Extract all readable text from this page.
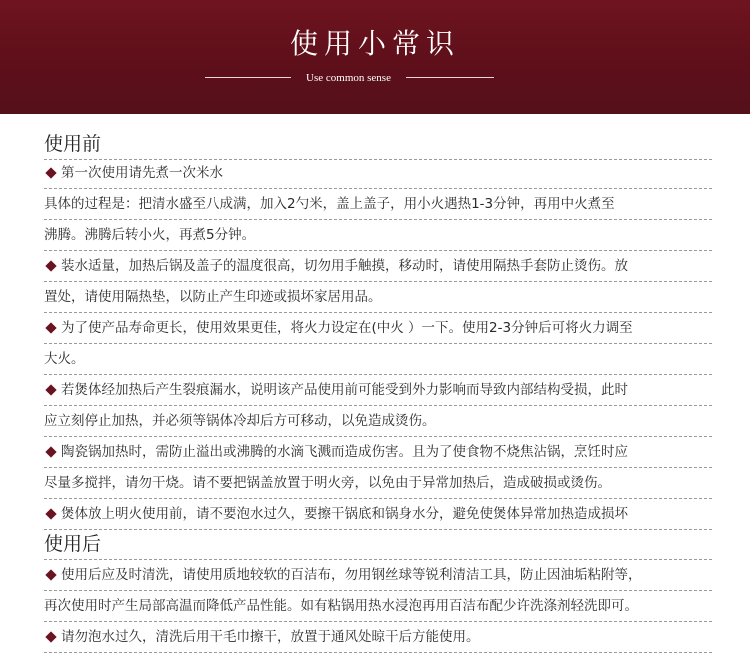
使用小常识
Use common sense
使用前
第一次使用请先煮一次米水
具体的过程是：把清水盛至八成满，加入2勺米，盖上盖子，用小火遇热1-3分钟，再用中火煮至
沸腾。沸腾后转小火，再煮5分钟。
装水适量，加热后锅及盖子的温度很高，切勿用手触摸，移动时，请使用隔热手套防止烫伤。放
置处，请使用隔热垫，以防止产生印迹或损坏家居用品。
为了使产品寿命更长，使用效果更佳，将火力设定在(中火 ）一下。使用2-3分钟后可将火力调至
大火。
若煲体经加热后产生裂痕漏水，说明该产品使用前可能受到外力影响而导致内部结构受损，此时
应立刻停止加热，并必须等锅体冷却后方可移动，以免造成烫伤。
陶瓷锅加热时，需防止溢出或沸腾的水滴飞溅而造成伤害。且为了使食物不烧焦沾锅，烹饪时应
尽量多搅拌，请勿干烧。请不要把锅盖放置于明火旁，以免由于异常加热后，造成破损或烫伤。
煲体放上明火使用前，请不要泡水过久，要擦干锅底和锅身水分，避免使煲体异常加热造成损坏
使用后
使用后应及时清洗，请使用质地较软的百洁布，勿用钢丝球等锐利清洁工具，防止因油垢粘附等，
再次使用时产生局部高温而降低产品性能。如有粘锅用热水浸泡再用百洁布配少许洗涤剂轻洗即可。
请勿泡水过久，清洗后用干毛巾擦干，放置于通风处晾干后方能使用。
